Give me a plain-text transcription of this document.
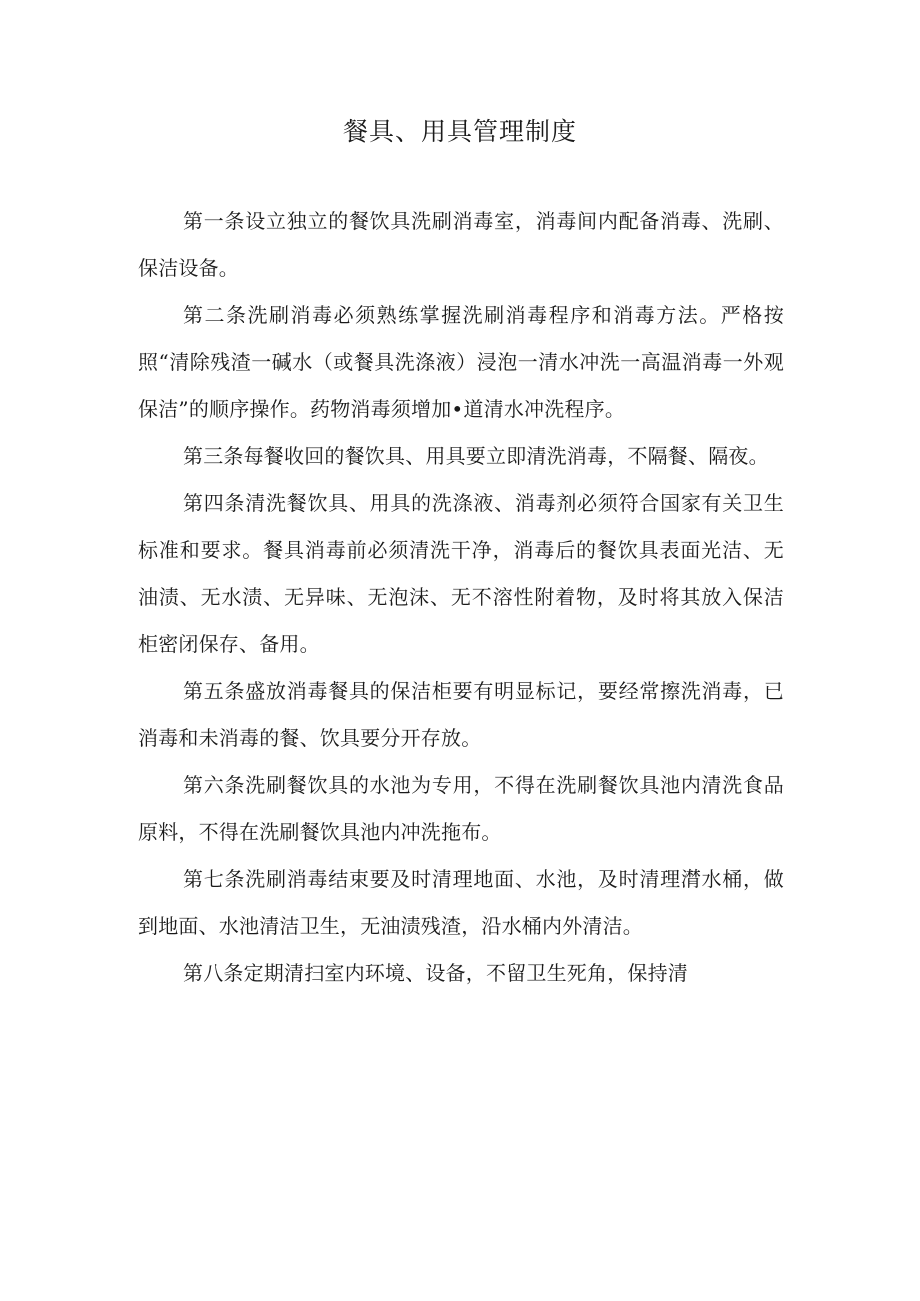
餐具、用具管理制度

第一条设立独立的餐饮具洗刷消毒室，消毒间内配备消毒、洗刷、保洁设备。

第二条洗刷消毒必须熟练掌握洗刷消毒程序和消毒方法。严格按照“清除残渣一碱水（或餐具洗涤液）浸泡一清水冲洗一高温消毒一外观保洁”的顺序操作。药物消毒须增加•道清水冲洗程序。

第三条每餐收回的餐饮具、用具要立即清洗消毒，不隔餐、隔夜。

第四条清洗餐饮具、用具的洗涤液、消毒剂必须符合国家有关卫生标准和要求。餐具消毒前必须清洗干净，消毒后的餐饮具表面光洁、无油渍、无水渍、无异味、无泡沫、无不溶性附着物，及时将其放入保洁柜密闭保存、备用。

第五条盛放消毒餐具的保洁柜要有明显标记，要经常擦洗消毒，已消毒和未消毒的餐、饮具要分开存放。

第六条洗刷餐饮具的水池为专用，不得在洗刷餐饮具池内清洗食品原料，不得在洗刷餐饮具池内冲洗拖布。

第七条洗刷消毒结束要及时清理地面、水池，及时清理潸水桶，做到地面、水池清洁卫生，无油渍残渣，沿水桶内外清洁。

第八条定期清扫室内环境、设备，不留卫生死角，保持清
